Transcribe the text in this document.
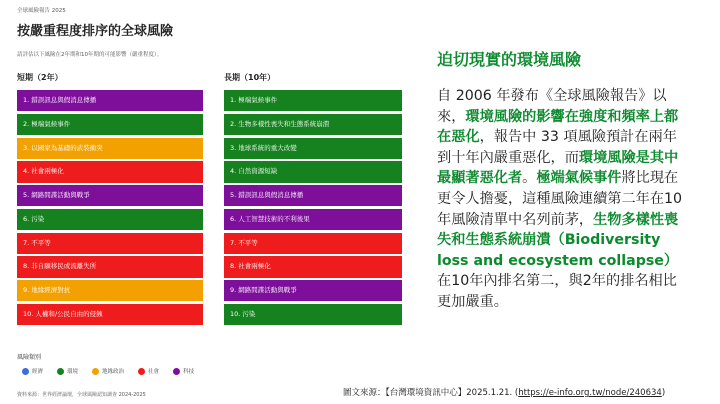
全球風險報告 2025
按嚴重程度排序的全球風險
請評估以下風險在2年期和10年期的可能影響（嚴重程度）。
短期（2年）	長期（10年）
1. 錯誤訊息與假消息傳播
2. 極端氣候事件
3. 以國家為基礎的武裝衝突
4. 社會兩極化
5. 網路間諜活動與戰爭
6. 污染
7. 不平等
8. 非自願移民或流離失所
9. 地緣經濟對抗
10. 人權和/公民自由的侵蝕
1. 極端氣候事件
2. 生物多樣性喪失和生態系統崩潰
3. 地球系統的重大改變
4. 自然資源短缺
5. 錯誤訊息與假消息傳播
6. 人工智慧技術的不利後果
7. 不平等
8. 社會兩極化
9. 網路間諜活動與戰爭
10. 污染
風險類別
經濟	環境	地緣政治	社會	科技
資料來源：世界經濟論壇，全球風險認知調查 2024-2025
迫切現實的環境風險
自 2006 年發布《全球風險報告》以來，環境風險的影響在強度和頻率上都在惡化，報告中 33 項風險預計在兩年到十年內嚴重惡化，而環境風險是其中最顯著惡化者。極端氣候事件將比現在更令人擔憂，這種風險連續第二年在10年風險清單中名列前茅，生物多樣性喪失和生態系統崩潰（Biodiversity loss and ecosystem collapse）在10年內排名第二，與2年的排名相比更加嚴重。
圖文來源：【台灣環境資訊中心】2025.1.21. (https://e-info.org.tw/node/240634)
